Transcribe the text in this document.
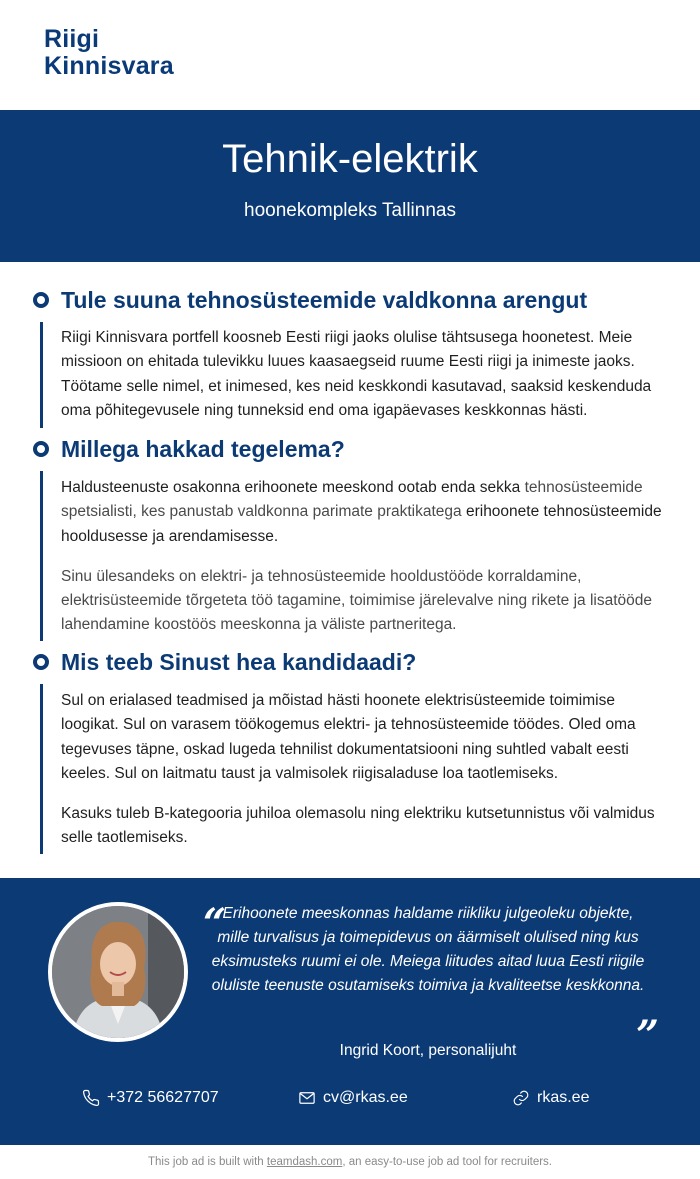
Riigi
Kinnisvara
Tehnik-elektrik
hoonekompleks Tallinnas
Tule suuna tehnosüsteemide valdkonna arengut

Riigi Kinnisvara portfell koosneb Eesti riigi jaoks olulise tähtsusega hoonetest. Meie missioon on ehitada tulevikku luues kaasaegseid ruume Eesti riigi ja inimeste jaoks. Töötame selle nimel, et inimesed, kes neid keskkondi kasutavad, saaksid keskenduda oma põhitegevusele ning tunneksid end oma igapäevases keskkonnas hästi.

Millega hakkad tegelema?

Haldusteenuste osakonna erihoonete meeskond ootab enda sekka tehnosüsteemide spetsialisti, kes panustab valdkonna parimate praktikatega erihoonete tehnosüsteemide hooldusesse ja arendamisesse.

Sinu ülesandeks on elektri- ja tehnosüsteemide hooldustööde korraldamine, elektrisüsteemide tõrgeteta töö tagamine, toimimise järelevalve ning rikete ja lisatööde lahendamine koostöös meeskonna ja väliste partneritega.

Mis teeb Sinust hea kandidaadi?

Sul on erialased teadmised ja mõistad hästi hoonete elektrisüsteemide toimimise loogikat. Sul on varasem töökogemus elektri- ja tehnosüsteemide töödes. Oled oma tegevuses täpne, oskad lugeda tehnilist dokumentatsiooni ning suhtled vabalt eesti keeles. Sul on laitmatu taust ja valmisolek riigisaladuse loa taotlemiseks.

Kasuks tuleb B-kategooria juhiloa olemasolu ning elektriku kutsetunnistus või valmidus selle taotlemiseks.

“
Erihoonete meeskonnas haldame riikliku julgeoleku objekte, mille turvalisus ja toimepidevus on äärmiselt olulised ning kus eksimusteks ruumi ei ole. Meiega liitudes aitad luua Eesti riigile oluliste teenuste osutamiseks toimiva ja kvaliteetse keskkonna.
”
Ingrid Koort, personalijuht
+372 56627707	cv@rkas.ee	rkas.ee
This job ad is built with teamdash.com, an easy-to-use job ad tool for recruiters.
